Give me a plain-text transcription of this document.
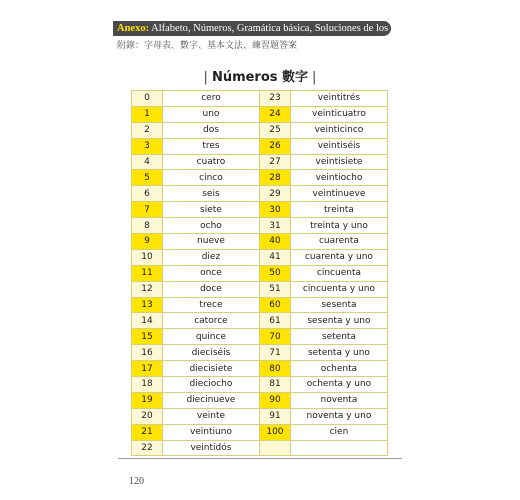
Anexo: Alfabeto, Números, Gramática básica, Soluciones de los ejercicios
附錄：字母表、數字、基本文法、練習題答案
| Números 數字 |
0	cero	23	veintitrés
1	uno	24	veinticuatro
2	dos	25	veinticinco
3	tres	26	veintiséis
4	cuatro	27	veintisiete
5	cinco	28	veintiocho
6	seis	29	veintinueve
7	siete	30	treinta
8	ocho	31	treinta y uno
9	nueve	40	cuarenta
10	diez	41	cuarenta y uno
11	once	50	cincuenta
12	doce	51	cincuenta y uno
13	trece	60	sesenta
14	catorce	61	sesenta y uno
15	quince	70	setenta
16	dieciséis	71	setenta y uno
17	diecisiete	80	ochenta
18	dieciocho	81	ochenta y uno
19	diecinueve	90	noventa
20	veinte	91	noventa y uno
21	veintiuno	100	cien
22	veintidós		
120
